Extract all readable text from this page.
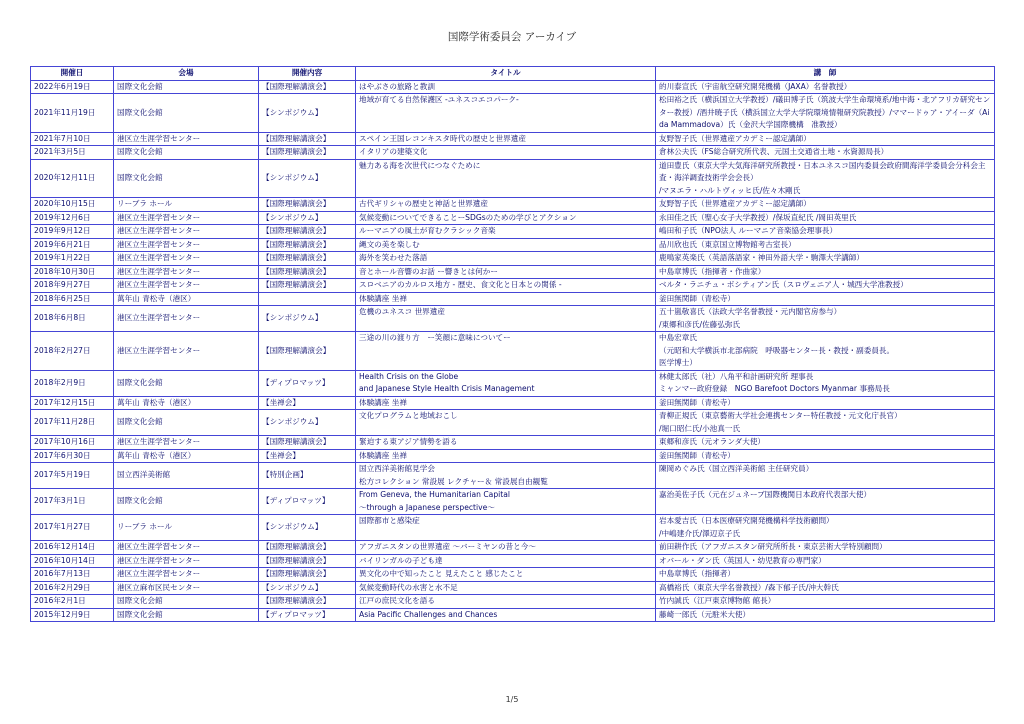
国際学術委員会 アーカイブ
開催日	会場	開催内容	タイトル	講　師
2022年6月19日	国際文化会館	【国際理解講演会】	はやぶさの旅路と教訓	的川泰宣氏（宇宙航空研究開発機構（JAXA）名誉教授）

2021年11月19日	国際文化会館	【シンポジウム】	地域が育てる自然保護区 -ユネスコエコパーク-	松田裕之氏（横浜国立大学教授）/礒田博子氏（筑波大学生命環境系/地中海・北アフリカ研究センター教授）/酒井暁子氏（横浜国立大学大学院環境情報研究院教授）/ママードゥア・アイーダ（Aida Mammadova）氏（金沢大学国際機構　准教授）

2021年7月10日	港区立生涯学習センター	【国際理解講演会】	スペイン王国レコンキスタ時代の歴史と世界遺産	友野智子氏（世界遺産アカデミー認定講師）

2021年3月5日	国際文化会館	【国際理解講演会】	イタリアの建築文化	倉林公夫氏（FS総合研究所代表、元国土交通省土地・水資源局長）

2020年12月11日	国際文化会館	【シンポジウム】	魅力ある海を次世代につなぐために	道田豊氏（東京大学大気海洋研究所教授・日本ユネスコ国内委員会政府間海洋学委員会分科会主査・海洋調査技術学会会長）
/マヌエラ・ハルトヴィッヒ氏/佐々木剛氏

2020年10月15日	リーブラ ホール	【国際理解講演会】	古代ギリシャの歴史と神話と世界遺産	友野智子氏（世界遺産アカデミー認定講師）

2019年12月6日	港区立生涯学習センター	【シンポジウム】	気候変動についてできることーSDGsのための学びとアクション	永田佳之氏（聖心女子大学教授）/保坂直紀氏 /岡田英里氏

2019年9月12日	港区立生涯学習センター	【国際理解講演会】	ルーマニアの風土が育むクラシック音楽	嶋田和子氏（NPO法人 ルーマニア音楽協会理事長）

2019年6月21日	港区立生涯学習センター	【国際理解講演会】	縄文の美を楽しむ	品川欣也氏（東京国立博物館考古室長）

2019年1月22日	港区立生涯学習センター	【国際理解講演会】	海外を笑わせた落語	鹿鳴家英楽氏（英語落語家・神田外語大学・駒澤大学講師）

2018年10月30日	港区立生涯学習センター	【国際理解講演会】	音とホール音響のお話 ー響きとは何かー	中島章博氏（指揮者・作曲家）

2018年9月27日	港区立生涯学習センター	【国際理解講演会】	スロベニアのカルロス地方 - 歴史、食文化と日本との関係 -	ベルタ・ラニチュ・ボシティアン氏（スロヴェニア人・城西大学准教授）

2018年6月25日	萬年山 青松寺（港区）		体験講座 坐禅	釜田無関師（青松寺）

2018年6月8日	港区立生涯学習センター	【シンポジウム】	危機のユネスコ 世界遺産	五十嵐敬喜氏（法政大学名誉教授・元内閣官房参与）
/東郷和彦氏/佐藤弘弥氏

2018年2月27日	港区立生涯学習センター	【国際理解講演会】	三途の川の渡り方　ー笑顔に意味についてー	中島宏章氏
（元昭和大学横浜市北部病院　呼吸器センター長・教授・副委員長。
医学博士）

2018年2月9日	国際文化会館	【ディプロマッツ】	Health Crisis on the Globe
and Japanese Style Health Crisis Management	林健太郎氏（社）八角平和計画研究所 理事長
ミャンマー政府登録　NGO Barefoot Doctors Myanmar 事務局長

2017年12月15日	萬年山 青松寺（港区）	【坐禅会】	体験講座 坐禅	釜田無関師（青松寺）

2017年11月28日	国際文化会館	【シンポジウム】	文化プログラムと地域おこし	青柳正規氏（東京藝術大学社会連携センター特任教授・元文化庁長官）
/堀口昭仁氏/小池真一氏

2017年10月16日	港区立生涯学習センター	【国際理解講演会】	緊迫する東アジア情勢を語る	東郷和彦氏（元オランダ大使）

2017年6月30日	萬年山 青松寺（港区）	【坐禅会】	体験講座 坐禅	釜田無関師（青松寺）

2017年5月19日	国立西洋美術館	【特別企画】	国立西洋美術館見学会
松方コレクション 常設展 レクチャー＆ 常設展自由観覧	陳岡めぐみ氏（国立西洋美術館 主任研究員）

2017年3月1日	国際文化会館	【ディプロマッツ】	From Geneva, the Humanitarian Capital
〜through a Japanese perspective〜	嘉治美佐子氏（元在ジュネーブ国際機関日本政府代表部大使）

2017年1月27日	リーブラ ホール	【シンポジウム】	国際都市と感染症	岩本愛吉氏（日本医療研究開発機構科学技術顧問）
/中嶋建介氏/澤辺京子氏

2016年12月14日	港区立生涯学習センター	【国際理解講演会】	アフガニスタンの世界遺産 〜バーミヤンの昔と今〜	前田耕作氏（アフガニスタン研究所所長・東京芸術大学特別顧問）

2016年10月14日	港区立生涯学習センター	【国際理解講演会】	バイリンガルの子ども達	オバール・ダン氏（英国人・幼児教育の専門家）

2016年7月13日	港区立生涯学習センター	【国際理解講演会】	異文化の中で知ったこと 見えたこと 感じたこと	中島章博氏（指揮者）

2016年2月29日	港区立麻布区民センター	【シンポジウム】	気候変動時代の水害と水不足	高橋裕氏（東京大学名誉教授）/森下郁子氏/沖大幹氏

2016年2月1日	国際文化会館	【国際理解講演会】	江戸の庶民文化を語る	竹内誠氏（江戸東京博物館 館長）

2015年12月9日	国際文化会館	【ディプロマッツ】	Asia Pacific Challenges and Chances	藤崎一郎氏（元駐米大使）
1/5
